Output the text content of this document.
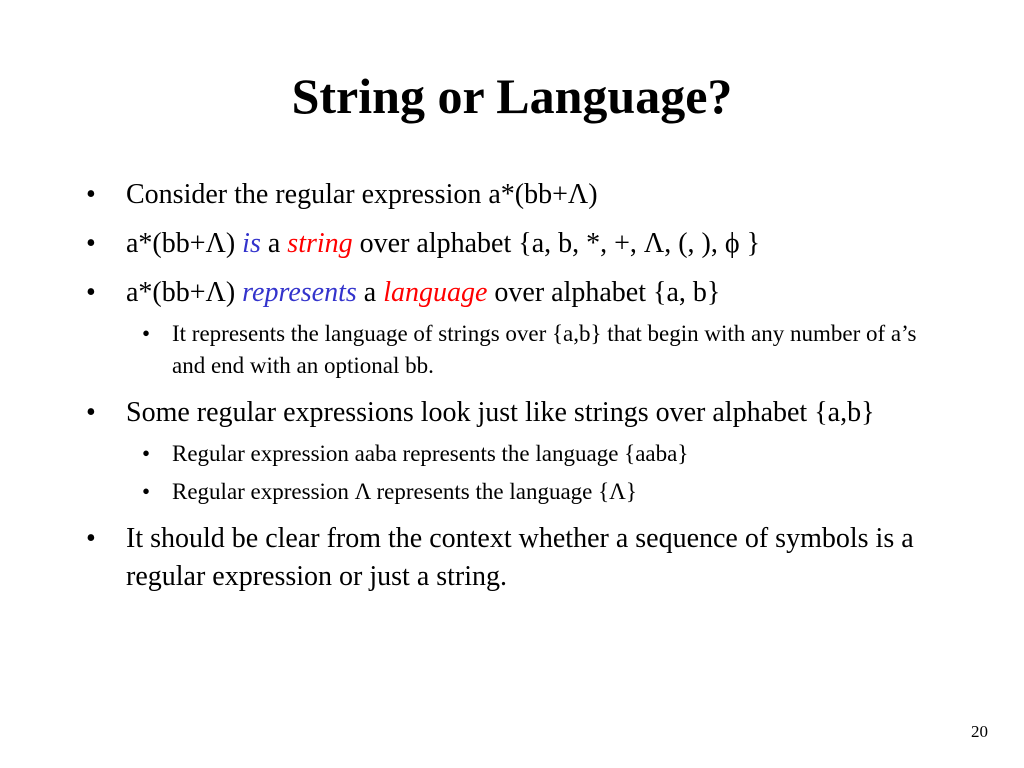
String or Language?
• Consider the regular expression a*(bb+Λ)
• a*(bb+Λ) is a string over alphabet {a, b, *, +, Λ, (, ), ϕ }
• a*(bb+Λ) represents a language over alphabet {a, b}
• It represents the language of strings over {a,b} that begin with any number of a’s and end with an optional bb.
• Some regular expressions look just like strings over alphabet {a,b}
• Regular expression aaba represents the language {aaba}
• Regular expression Λ represents the language {Λ}
• It should be clear from the context whether a sequence of symbols is a regular expression or just a string.
20
